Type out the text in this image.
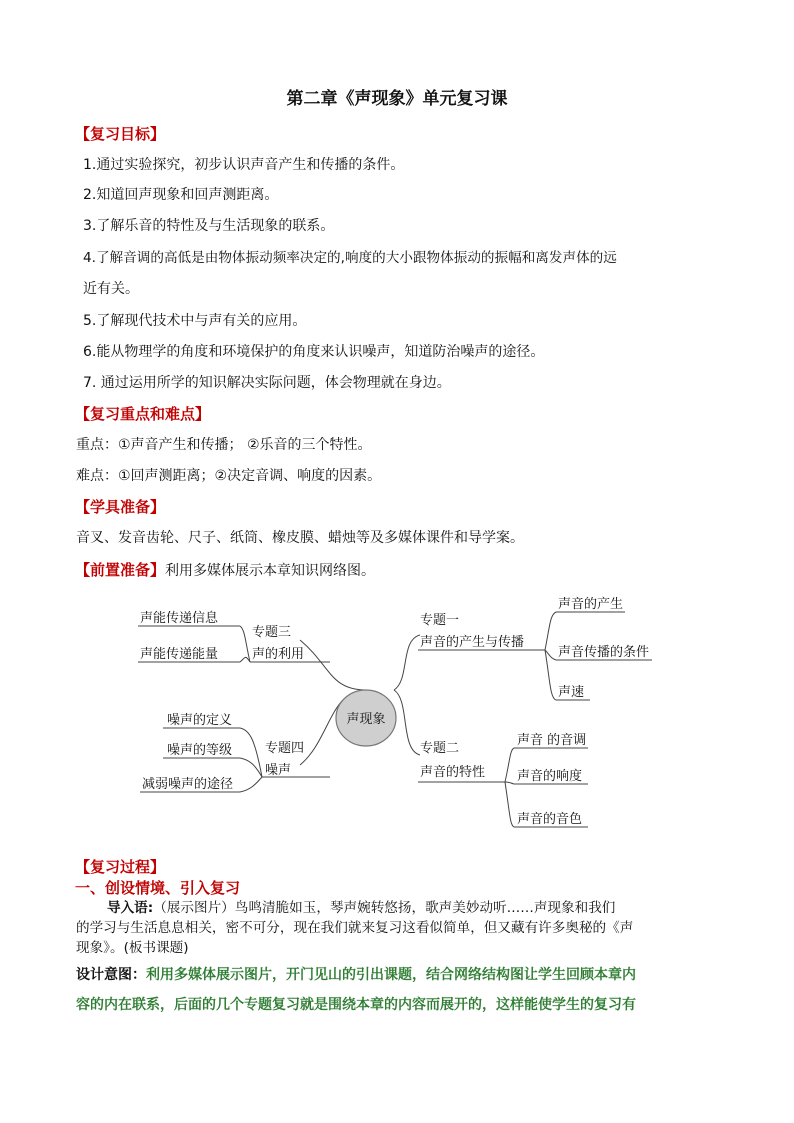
第二章《声现象》单元复习课
【复习目标】
1.通过实验探究，初步认识声音产生和传播的条件。
2.知道回声现象和回声测距离。
3.了解乐音的特性及与生活现象的联系。
4.了解音调的高低是由物体振动频率决定的,响度的大小跟物体振动的振幅和离发声体的远
近有关。
5.了解现代技术中与声有关的应用。
6.能从物理学的角度和环境保护的角度来认识噪声，知道防治噪声的途径。
7. 通过运用所学的知识解决实际问题，体会物理就在身边。
【复习重点和难点】
重点：①声音产生和传播； ②乐音的三个特性。
难点：①回声测距离；②决定音调、响度的因素。
【学具准备】
音叉、发音齿轮、尺子、纸筒、橡皮膜、蜡烛等及多媒体课件和导学案。
【前置准备】利用多媒体展示本章知识网络图。
声现象
专题三
声的利用
声能传递信息
声能传递能量
专题四
噪声
噪声的定义
噪声的等级
减弱噪声的途径
专题一
声音的产生与传播
声音的产生
声音传播的条件
声速
专题二
声音的特性
声音 的音调
声音的响度
声音的音色
【复习过程】
一、创设情境、引入复习
导入语:（展示图片）鸟鸣清脆如玉，琴声婉转悠扬，歌声美妙动听……声现象和我们
的学习与生活息息相关，密不可分，现在我们就来复习这看似简单，但又藏有许多奥秘的《声
现象》。(板书课题)
设计意图：利用多媒体展示图片，开门见山的引出课题，结合网络结构图让学生回顾本章内
容的内在联系，后面的几个专题复习就是围绕本章的内容而展开的，这样能使学生的复习有
